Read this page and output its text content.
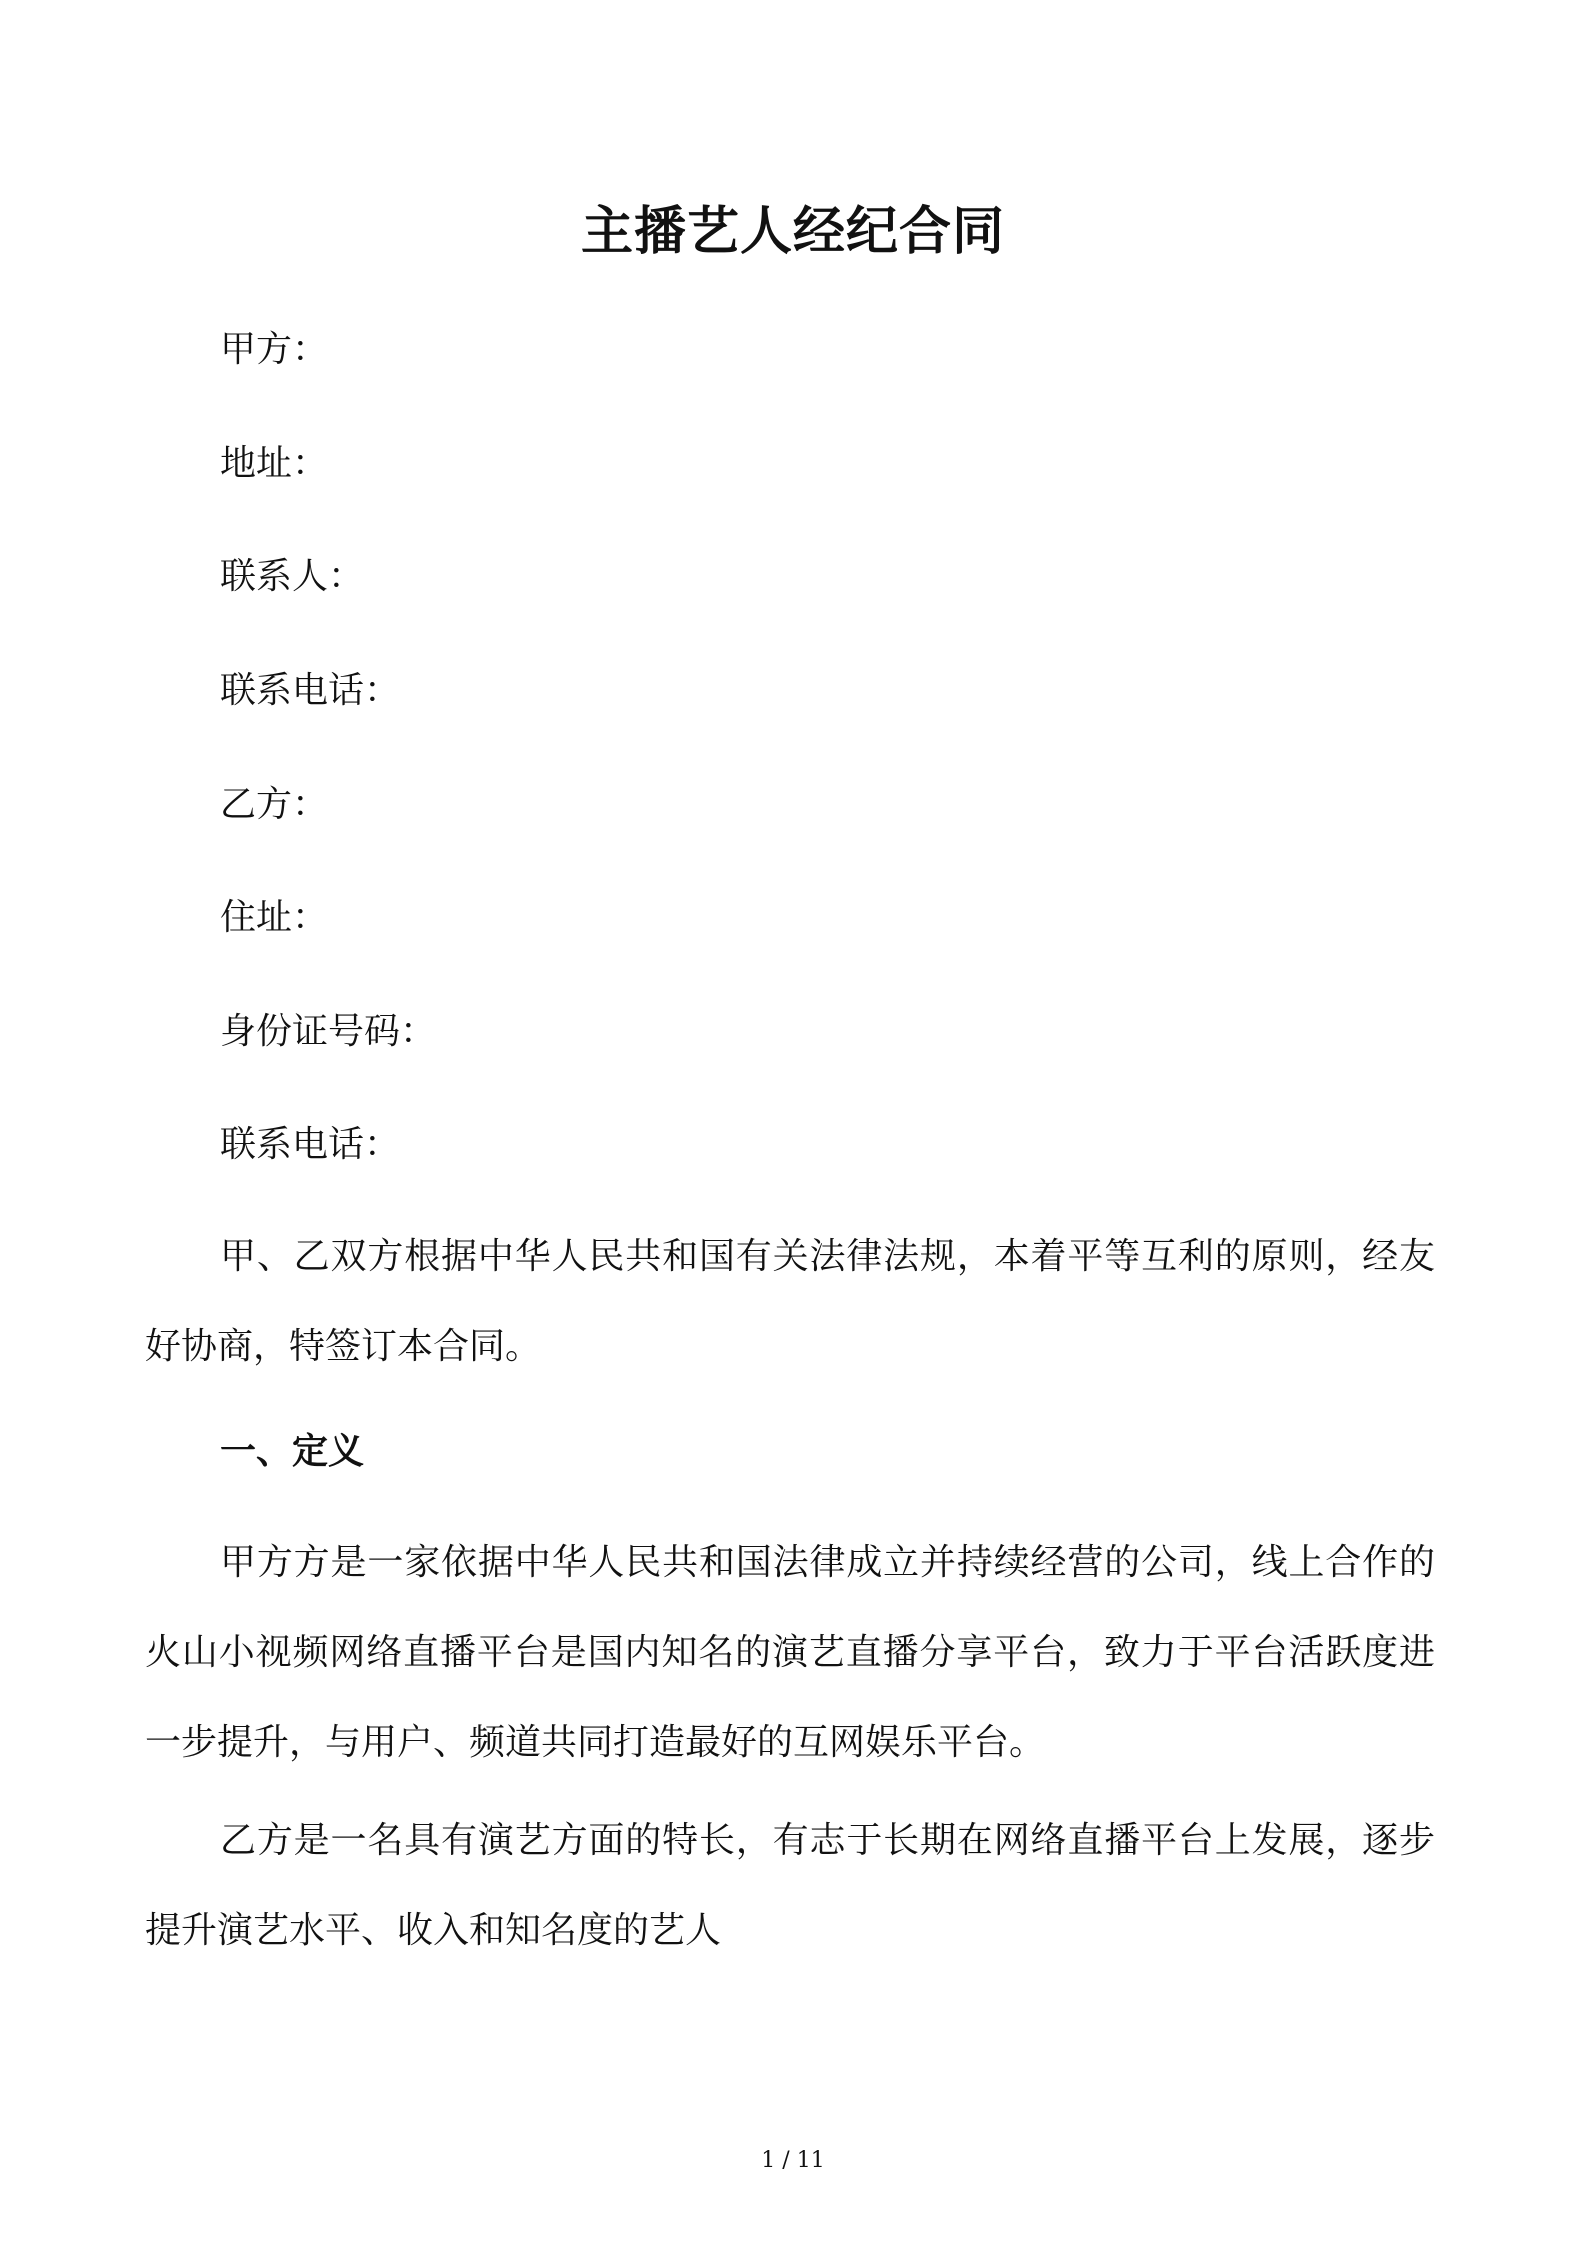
主播艺人经纪合同
甲方：
地址：
联系人：
联系电话：
乙方：
住址：
身份证号码：
联系电话：
甲、乙双方根据中华人民共和国有关法律法规，本着平等互利的原则，经友好协商，特签订本合同。
一、定义
甲方方是一家依据中华人民共和国法律成立并持续经营的公司，线上合作的火山小视频网络直播平台是国内知名的演艺直播分享平台，致力于平台活跃度进一步提升，与用户、频道共同打造最好的互网娱乐平台。
乙方是一名具有演艺方面的特长，有志于长期在网络直播平台上发展，逐步提升演艺水平、收入和知名度的艺人
1 / 11
